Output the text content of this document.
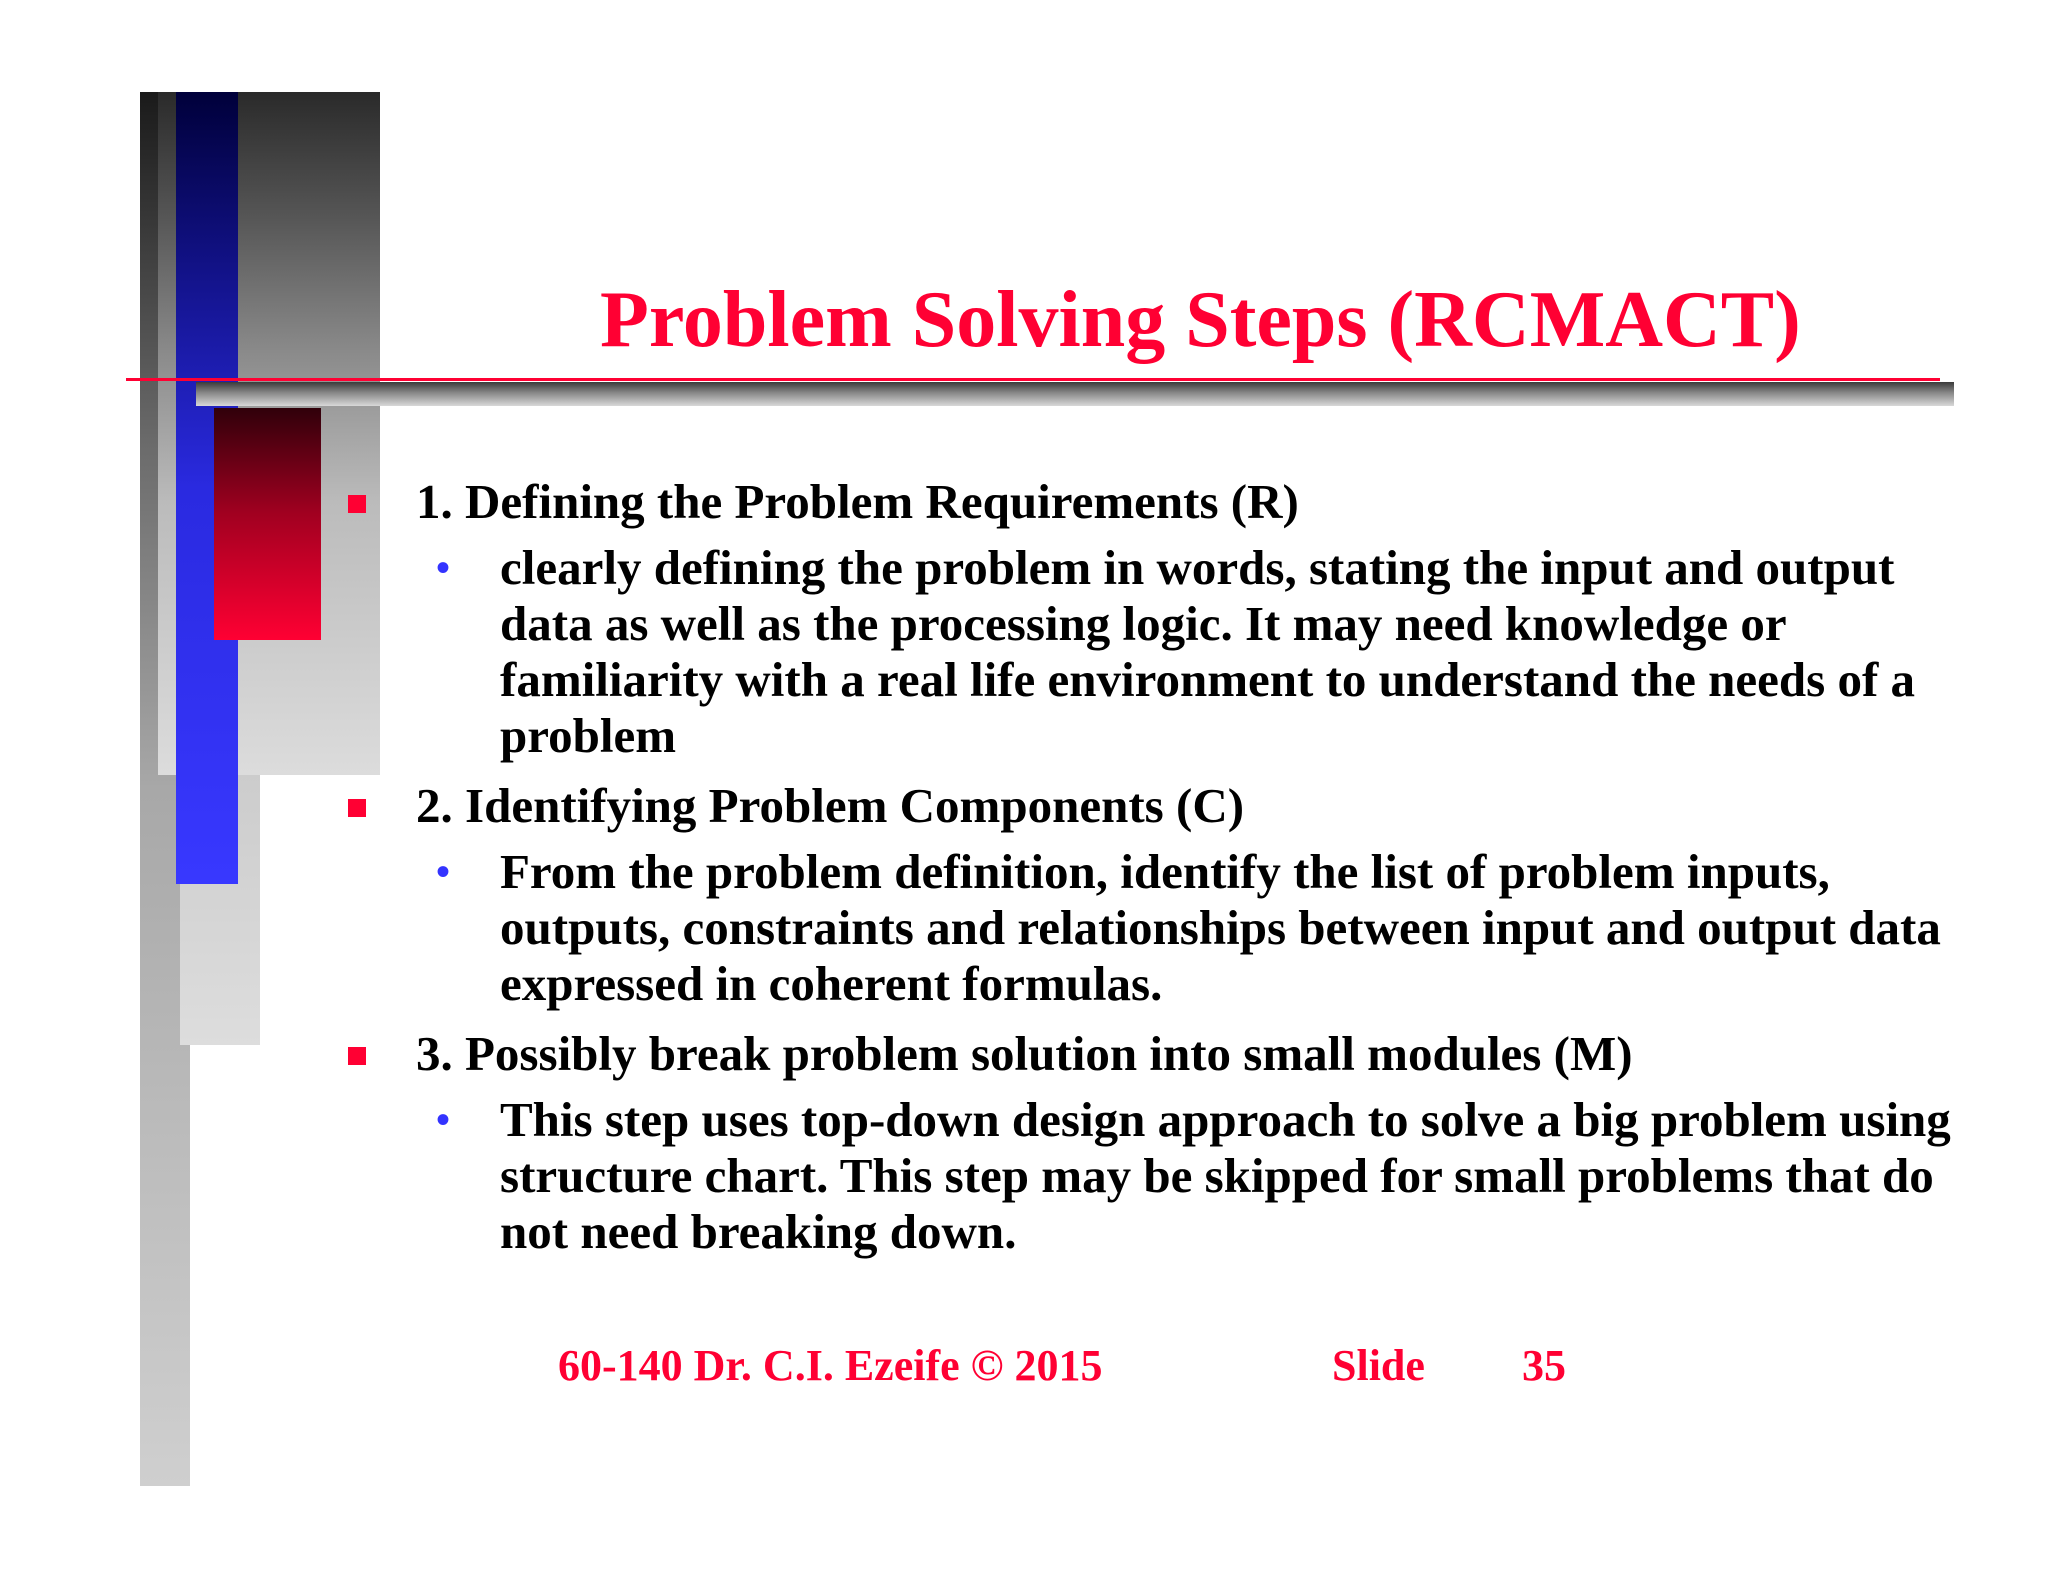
Problem Solving Steps (RCMACT)
1. Defining the Problem Requirements (R)
• clearly defining the problem in words, stating the input and output data as well as the processing logic. It may need knowledge or familiarity with a real life environment to understand the needs of a problem
2. Identifying Problem Components (C)
• From the problem definition, identify the list of problem inputs, outputs, constraints and relationships between input and output data expressed in coherent formulas.
3. Possibly break problem solution into small modules (M)
• This step uses top-down design approach to solve a big problem using structure chart. This step may be skipped for small problems that do not need breaking down.
60-140 Dr. C.I. Ezeife © 2015	Slide 35
